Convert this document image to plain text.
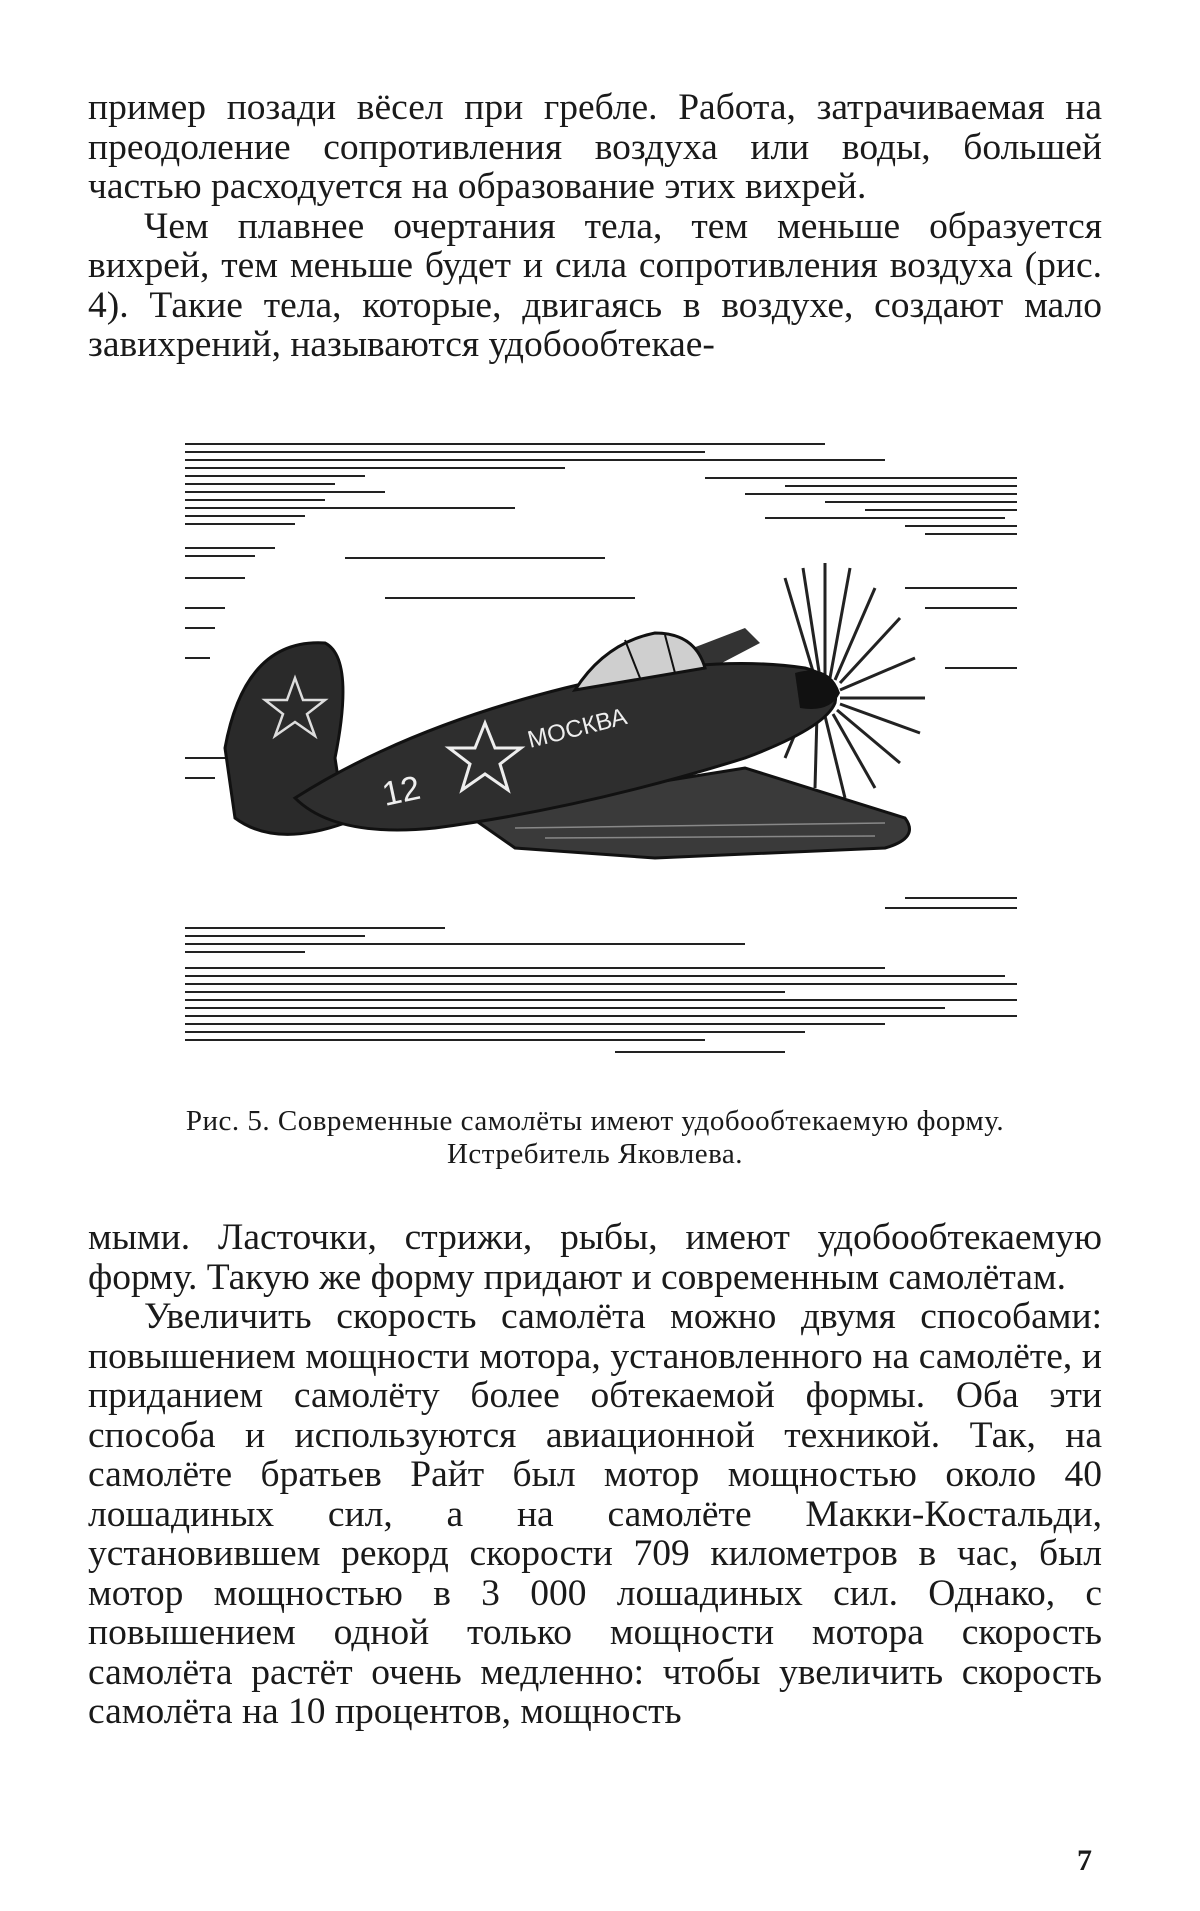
пример позади вёсел при гребле. Работа, затрачиваемая на преодоление сопротивления воздуха или воды, большей частью расходуется на образование этих вихрей.

Чем плавнее очертания тела, тем меньше образуется вихрей, тем меньше будет и сила сопротивления воздуха (рис. 4). Такие тела, которые, двигаясь в воздухе, создают мало завихрений, называются удобообтекае-

12
МОСКВА
Рис. 5. Современные самолёты имеют удобообтекаемую форму.
Истребитель Яковлева.

мыми. Ласточки, стрижи, рыбы, имеют удобообтекаемую форму. Такую же форму придают и современным самолётам.

Увеличить скорость самолёта можно двумя способами: повышением мощности мотора, установленного на самолёте, и приданием самолёту более обтекаемой формы. Оба эти способа и используются авиационной техникой. Так, на самолёте братьев Райт был мотор мощностью около 40 лошадиных сил, а на самолёте Макки-Костальди, установившем рекорд скорости 709 километров в час, был мотор мощностью в 3 000 лошадиных сил. Однако, с повышением одной только мощности мотора скорость самолёта растёт очень медленно: чтобы увеличить скорость самолёта на 10 процентов, мощность

7
